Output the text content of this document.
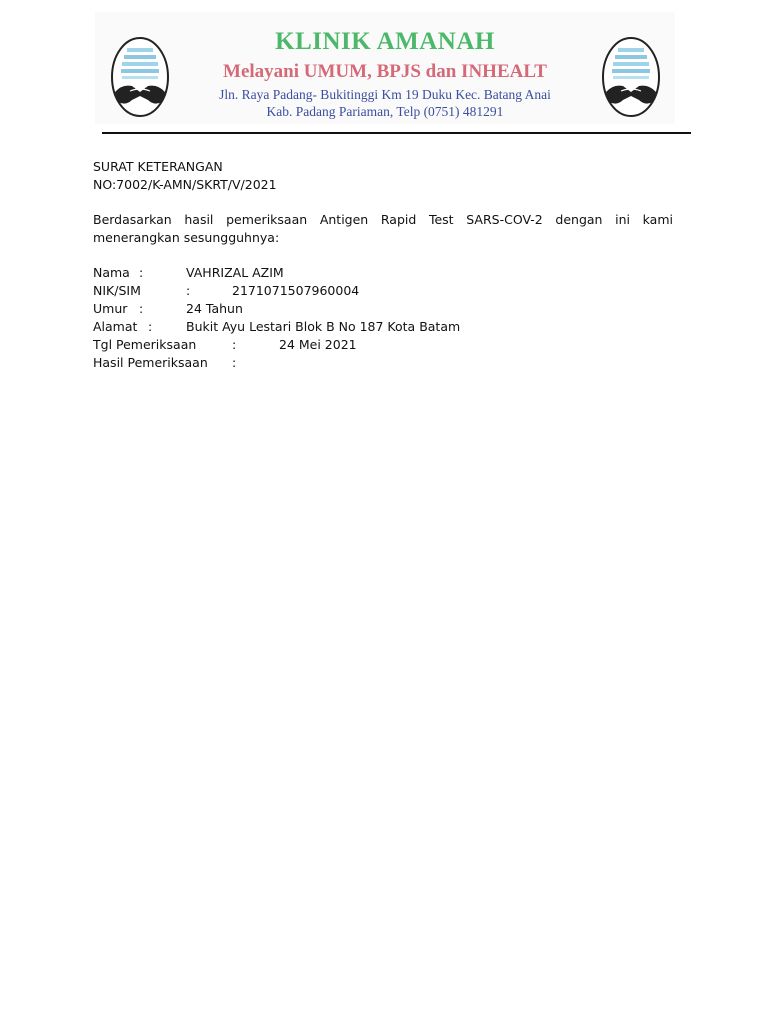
KLINIK AMANAH
Melayani UMUM, BPJS dan INHEALT
Jln. Raya Padang- Bukitinggi Km 19 Duku Kec. Batang Anai
Kab. Padang Pariaman, Telp (0751) 481291
SURAT KETERANGAN
NO:7002/K-AMN/SKRT/V/2021
Berdasarkan hasil pemeriksaan Antigen Rapid Test SARS-COV-2 dengan ini kami menerangkan sesungguhnya:
Nama :	VAHRIZAL AZIM
NIK/SIM	:	2171071507960004
Umur :	24 Tahun
Alamat :	Bukit Ayu Lestari Blok B No 187 Kota Batam
Tgl Pemeriksaan	:	24 Mei 2021
Hasil Pemeriksaan :
